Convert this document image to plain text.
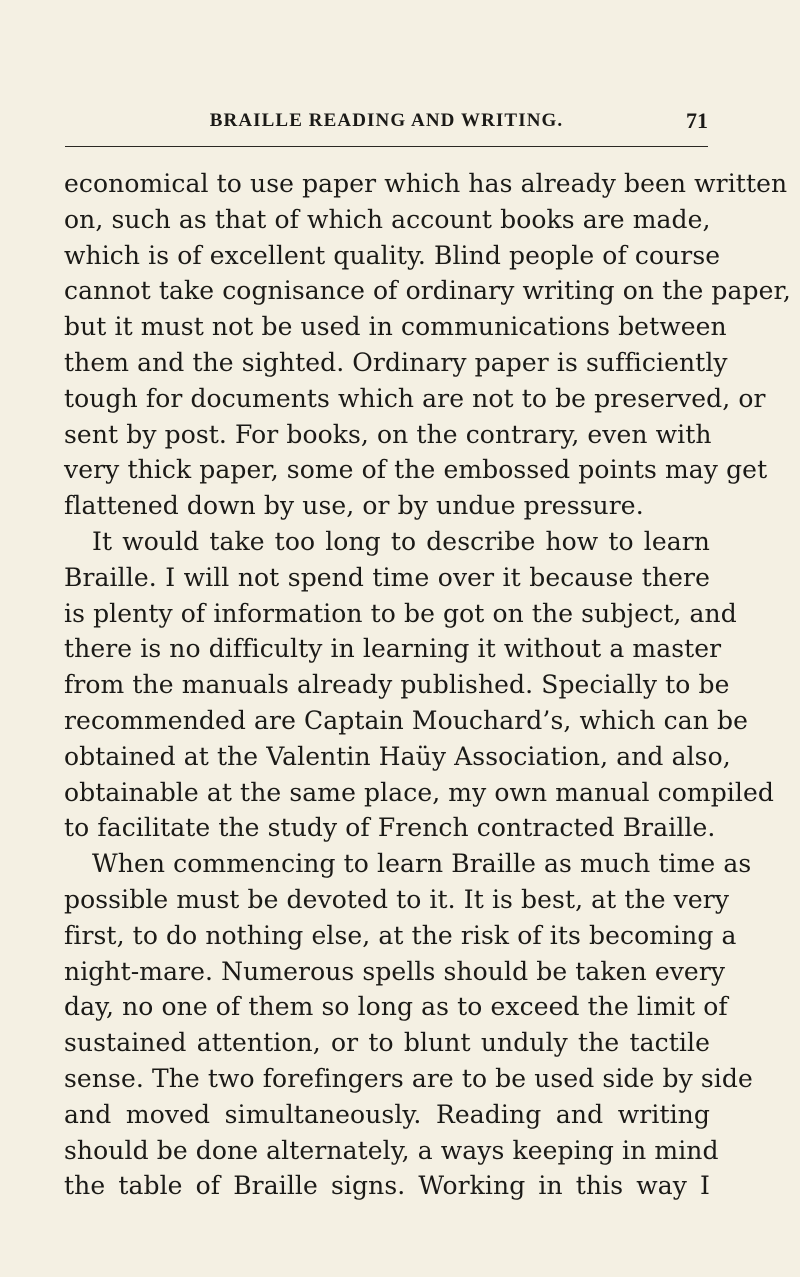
BRAILLE READING AND WRITING.	71
economical to use paper which has already been written
on, such as that of which account books are made,
which is of excellent quality. Blind people of course
cannot take cognisance of ordinary writing on the paper,
but it must not be used in communications between
them and the sighted. Ordinary paper is sufficiently
tough for documents which are not to be preserved, or
sent by post. For books, on the contrary, even with
very thick paper, some of the embossed points may get
flattened down by use, or by undue pressure.
It would take too long to describe how to learn
Braille. I will not spend time over it because there
is plenty of information to be got on the subject, and
there is no difficulty in learning it without a master
from the manuals already published. Specially to be
recommended are Captain Mouchard’s, which can be
obtained at the Valentin Haüy Association, and also,
obtainable at the same place, my own manual compiled
to facilitate the study of French contracted Braille.
When commencing to learn Braille as much time as
possible must be devoted to it. It is best, at the very
first, to do nothing else, at the risk of its becoming a
night-mare. Numerous spells should be taken every
day, no one of them so long as to exceed the limit of
sustained attention, or to blunt unduly the tactile
sense. The two forefingers are to be used side by side
and moved simultaneously. Reading and writing
should be done alternately, a ways keeping in mind
the table of Braille signs. Working in this way I
